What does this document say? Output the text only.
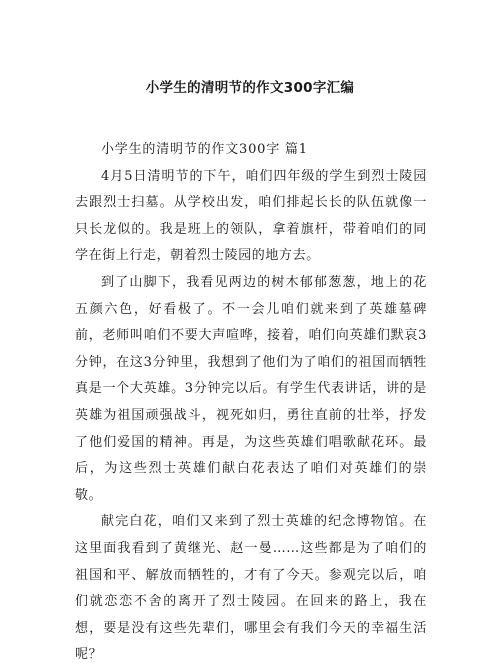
小学生的清明节的作文300字汇编

小学生的清明节的作文300字 篇1

4月5日清明节的下午，咱们四年级的学生到烈士陵园去跟烈士扫墓。从学校出发，咱们排起长长的队伍就像一只长龙似的。我是班上的领队，拿着旗杆，带着咱们的同学在街上行走，朝着烈士陵园的地方去。

到了山脚下，我看见两边的树木郁郁葱葱，地上的花五颜六色，好看极了。不一会儿咱们就来到了英雄墓碑前，老师叫咱们不要大声喧哗，接着，咱们向英雄们默哀3分钟，在这3分钟里，我想到了他们为了咱们的祖国而牺牲真是一个大英雄。3分钟完以后。有学生代表讲话，讲的是英雄为祖国顽强战斗，视死如归，勇往直前的壮举，抒发了他们爱国的精神。再是，为这些英雄们唱歌献花环。最后，为这些烈士英雄们献白花表达了咱们对英雄们的崇敬。

献完白花，咱们又来到了烈士英雄的纪念博物馆。在这里面我看到了黄继光、赵一曼……这些都是为了咱们的祖国和平、解放而牺牲的，才有了今天。参观完以后，咱们就恋恋不舍的离开了烈士陵园。在回来的路上，我在想，要是没有这些先辈们，哪里会有我们今天的幸福生活呢？
